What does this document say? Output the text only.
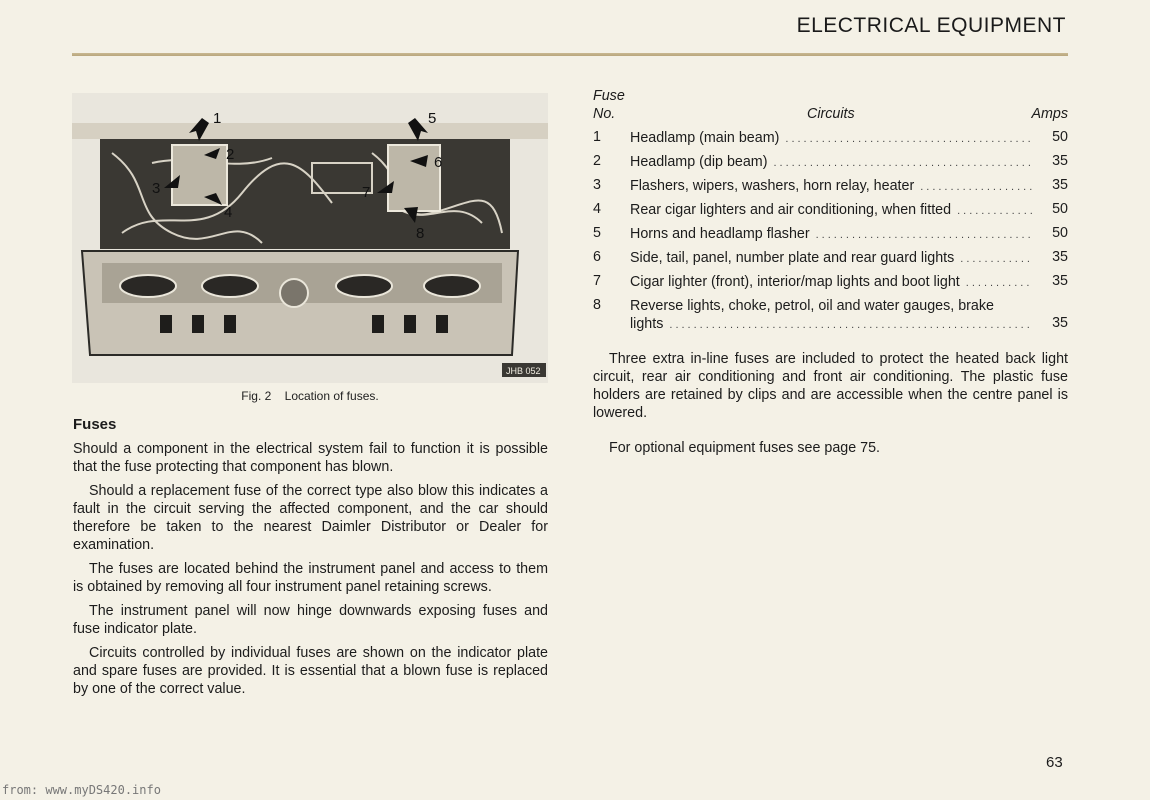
ELECTRICAL EQUIPMENT
1
2
3
4
5
6
7
8
JHB 052
Fig. 2 Location of fuses.
Fuses

Should a component in the electrical system fail to function it is possible that the fuse protecting that component has blown.

Should a replacement fuse of the correct type also blow this indicates a fault in the circuit serving the affected component, and the car should therefore be taken to the nearest Daimler Distributor or Dealer for examination.

The fuses are located behind the instrument panel and access to them is obtained by removing all four instrument panel retaining screws.

The instrument panel will now hinge downwards exposing fuses and fuse indicator plate.

Circuits controlled by individual fuses are shown on the indicator plate and spare fuses are provided. It is essential that a blown fuse is replaced by one of the correct value.

Fuse
No.	Circuits	Amps
1 Headlamp (main beam) .....	50
2 Headlamp (dip beam) .....	35
3 Flashers, wipers, washers, horn relay, heater .....	35
4 Rear cigar lighters and air conditioning, when fitted .....	50
5 Horns and headlamp flasher .....	50
6 Side, tail, panel, number plate and rear guard lights .....	35
7 Cigar lighter (front), interior/map lights and boot light .....	35
8 Reverse lights, choke, petrol, oil and water gauges, brake
lights .....	35
Three extra in-line fuses are included to protect the heated back light circuit, rear air conditioning and front air conditioning. The plastic fuse holders are retained by clips and are accessible when the centre panel is lowered.
For optional equipment fuses see page 75.
63
from: www.myDS420.info
